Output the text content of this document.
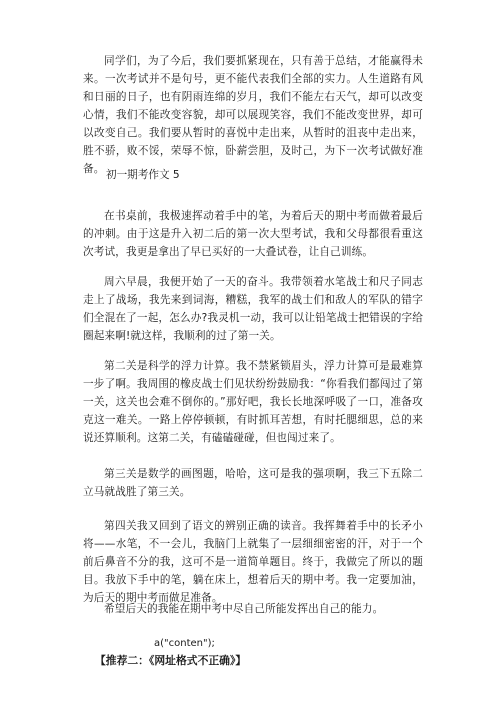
同学们，为了今后，我们要抓紧现在，只有善于总结，才能赢得未来。一次考试并不是句号，更不能代表我们全部的实力。人生道路有风和日丽的日子，也有阴雨连绵的岁月，我们不能左右天气，却可以改变心情，我们不能改变容貌，却可以展现笑容，我们不能改变世界，却可以改变自己。我们要从暂时的喜悦中走出来，从暂时的沮丧中走出来，胜不骄，败不馁，荣辱不惊，卧薪尝胆，及时己，为下一次考试做好准备。 初一期考作文 5

在书桌前，我极速挥动着手中的笔，为着后天的期中考而做着最后的冲刺。由于这是升入初二后的第一次大型考试，我和父母都很看重这次考试，我更是拿出了早已买好的一大叠试卷，让自己训练。

周六早晨，我便开始了一天的奋斗。我带领着水笔战士和尺子同志走上了战场，我先来到词海，糟糕，我军的战士们和敌人的军队的错字们全混在了一起，怎么办?我灵机一动，我可以让铅笔战士把错误的字给圈起来啊!就这样，我顺利的过了第一关。

第二关是科学的浮力计算。我不禁紧锁眉头，浮力计算可是最难算一步了啊。我周围的橡皮战士们见状纷纷鼓励我：“你看我们都闯过了第一关，这关也会难不倒你的。”那好吧，我长长地深呼吸了一口，准备攻克这一难关。一路上停停顿顿，有时抓耳苦想，有时托腮细思，总的来说还算顺利。这第二关，有磕磕碰碰，但也闯过来了。

第三关是数学的画图题，哈哈，这可是我的强项啊，我三下五除二立马就战胜了第三关。

第四关我又回到了语文的辨别正确的读音。我挥舞着手中的长矛小将——水笔，不一会儿，我脑门上就集了一层细细密密的汗，对于一个前后鼻音不分的我，这可不是一道简单题目。终于，我做完了所以的题目。我放下手中的笔，躺在床上，想着后天的期中考。我一定要加油，为后天的期中考而做足准备。

希望后天的我能在期中考中尽自己所能发挥出自己的能力。

a("conten");

【推荐二：《网址格式不正确》】
